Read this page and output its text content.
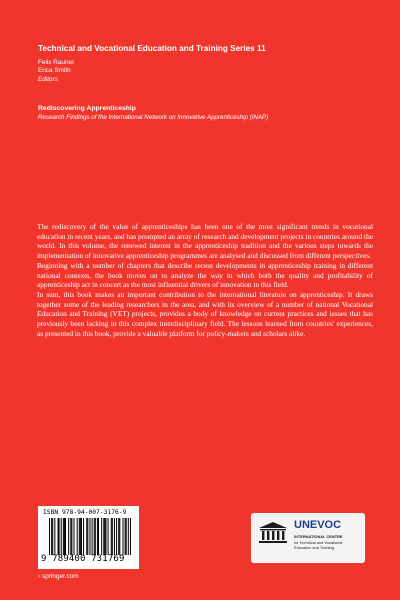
Technical and Vocational Education and Training Series 11
Felix Rauner
Erica Smith
Editors
Rediscovering Apprenticeship
Research Findings of the International Network on Innovative Apprenticeship (INAP)

The rediscovery of the value of apprenticeships has been one of the most significant trends in vocational education in recent years, and has prompted an array of research and development projects in countries around the world. In this volume, the renewed interest in the apprenticeship tradition and the various steps towards the implementation of innovative apprenticeship programmes are analysed and discussed from different perspectives.

Beginning with a number of chapters that describe recent developments in apprenticeship training in different national contexts, the book moves on to analyze the way in which both the quality and profitability of apprenticeship act in concert as the most influential drivers of innovation in this field.

In sum, this book makes an important contribution to the international literature on apprenticeship. It draws together some of the leading researchers in the area, and with its overview of a number of national Vocational Education and Training (VET) projects, provides a body of knowledge on current practices and issues that has previously been lacking in this complex interdisciplinary field. The lessons learned from countries' experiences, as presented in this book, provide a valuable platform for policy-makers and scholars alike.

ISBN 978-94-007-3176-9
9 789400 731769
› springer.com
UNEVOC
INTERNATIONAL CENTRE
for Technical and Vocational Education and Training
